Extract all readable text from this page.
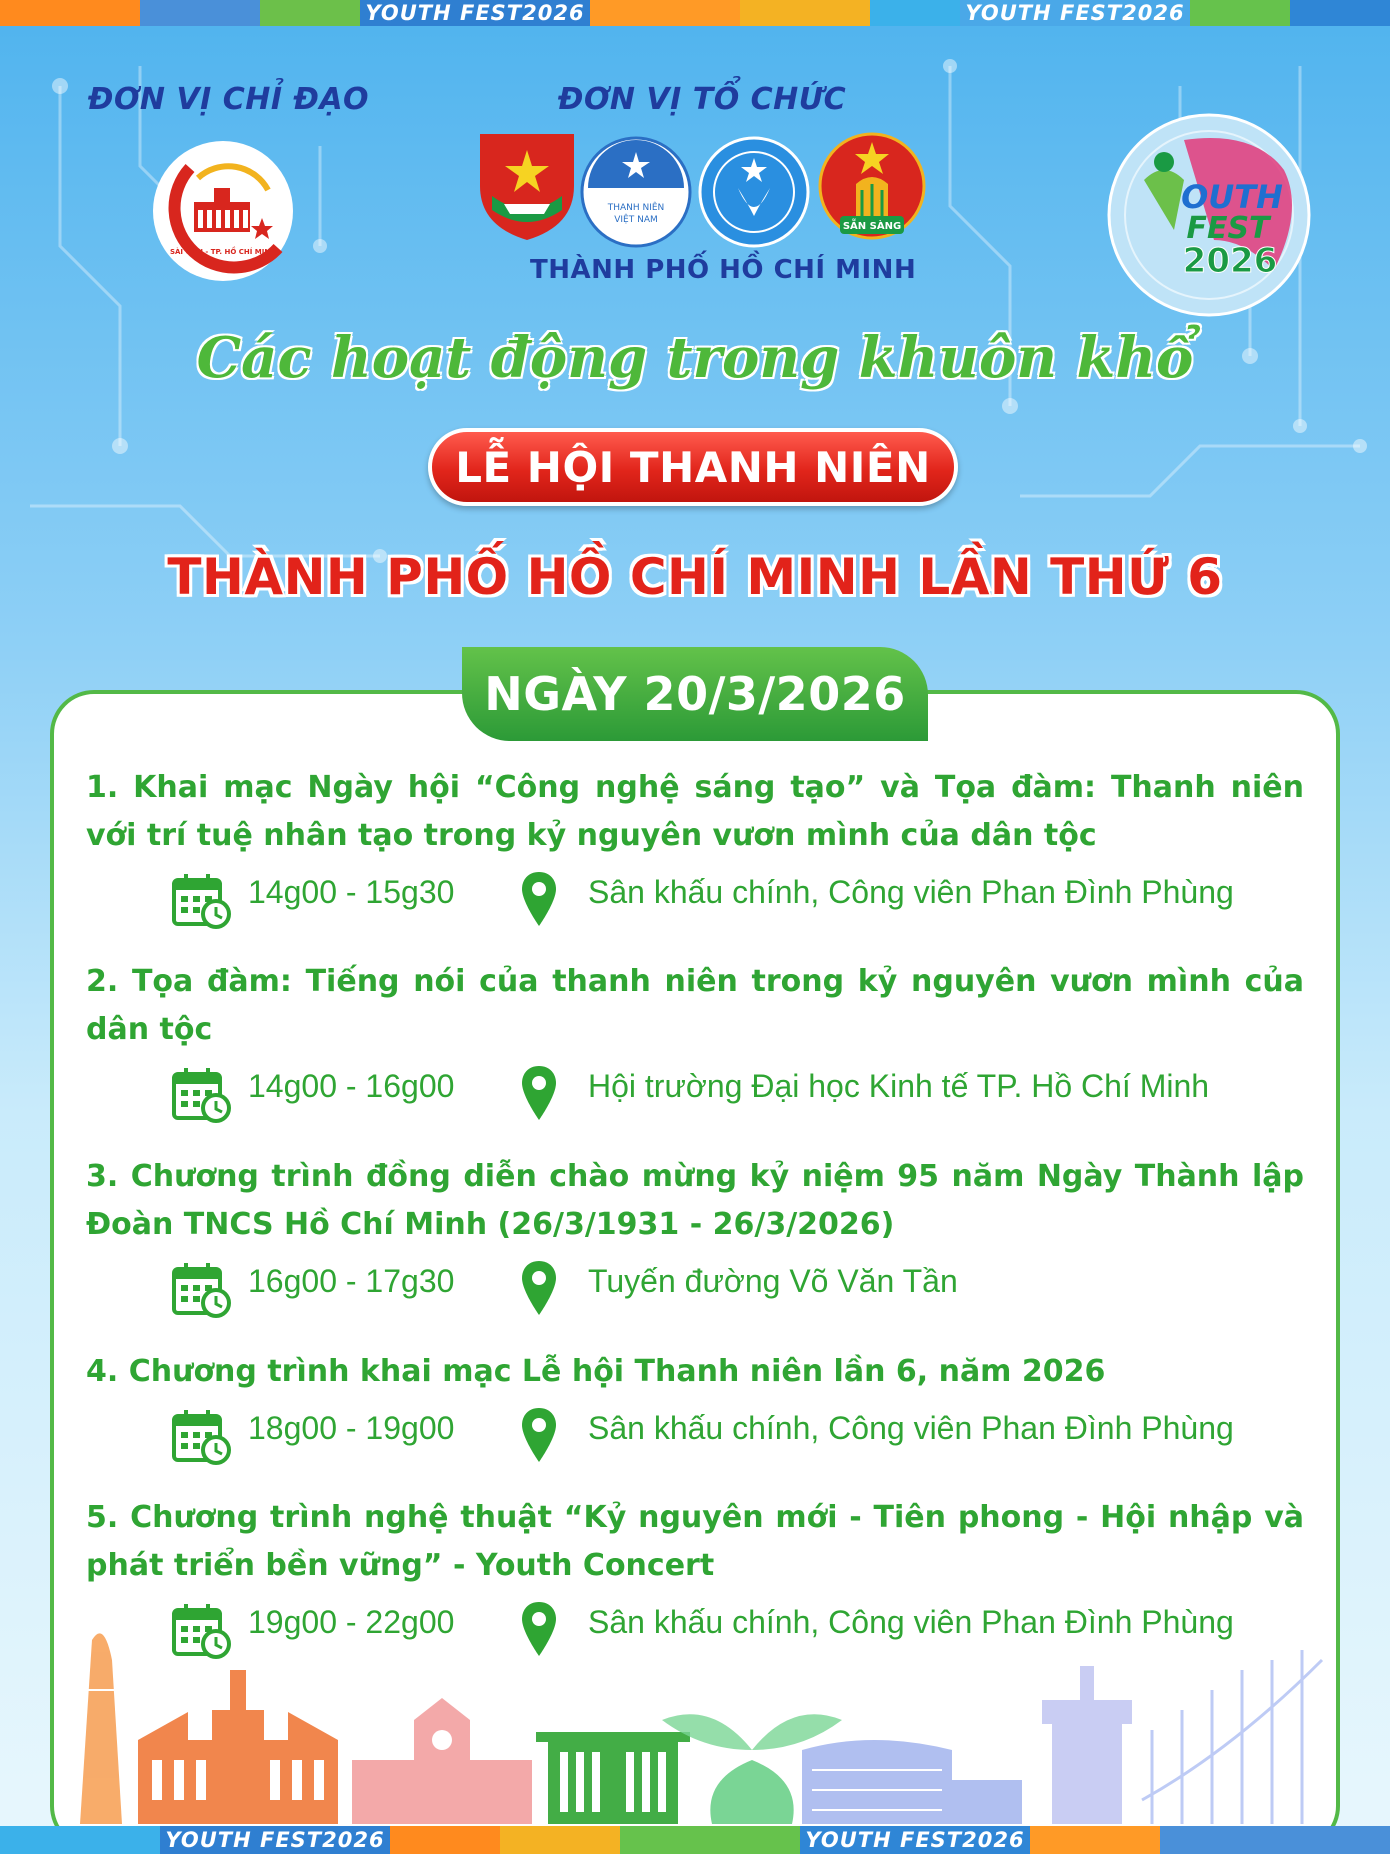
YOUTH FEST2026	YOUTH FEST2026
ĐƠN VỊ CHỈ ĐẠO	ĐƠN VỊ TỔ CHỨC
SÀI GÒN - TP. HỒ CHÍ MINH
THANH NIÊN
VIỆT NAM
SẴN SÀNG
THÀNH PHỐ HỒ CHÍ MINH
OUTH
FEST
2026
Các hoạt động trong khuôn khổ
LỄ HỘI THANH NIÊN
THÀNH PHỐ HỒ CHÍ MINH LẦN THỨ 6
NGÀY 20/3/2026
1. Khai mạc Ngày hội “Công nghệ sáng tạo” và Tọa đàm: Thanh niên với trí tuệ nhân tạo trong kỷ nguyên vươn mình của dân tộc
14g00 - 15g30	Sân khấu chính, Công viên Phan Đình Phùng
2. Tọa đàm: Tiếng nói của thanh niên trong kỷ nguyên vươn mình của dân tộc
14g00 - 16g00	Hội trường Đại học Kinh tế TP. Hồ Chí Minh
3. Chương trình đồng diễn chào mừng kỷ niệm 95 năm Ngày Thành lập Đoàn TNCS Hồ Chí Minh (26/3/1931 - 26/3/2026)
16g00 - 17g30	Tuyến đường Võ Văn Tần
4. Chương trình khai mạc Lễ hội Thanh niên lần 6, năm 2026
18g00 - 19g00	Sân khấu chính, Công viên Phan Đình Phùng
5. Chương trình nghệ thuật “Kỷ nguyên mới - Tiên phong - Hội nhập và phát triển bền vững” - Youth Concert
19g00 - 22g00	Sân khấu chính, Công viên Phan Đình Phùng
YOUTH FEST2026	YOUTH FEST2026
